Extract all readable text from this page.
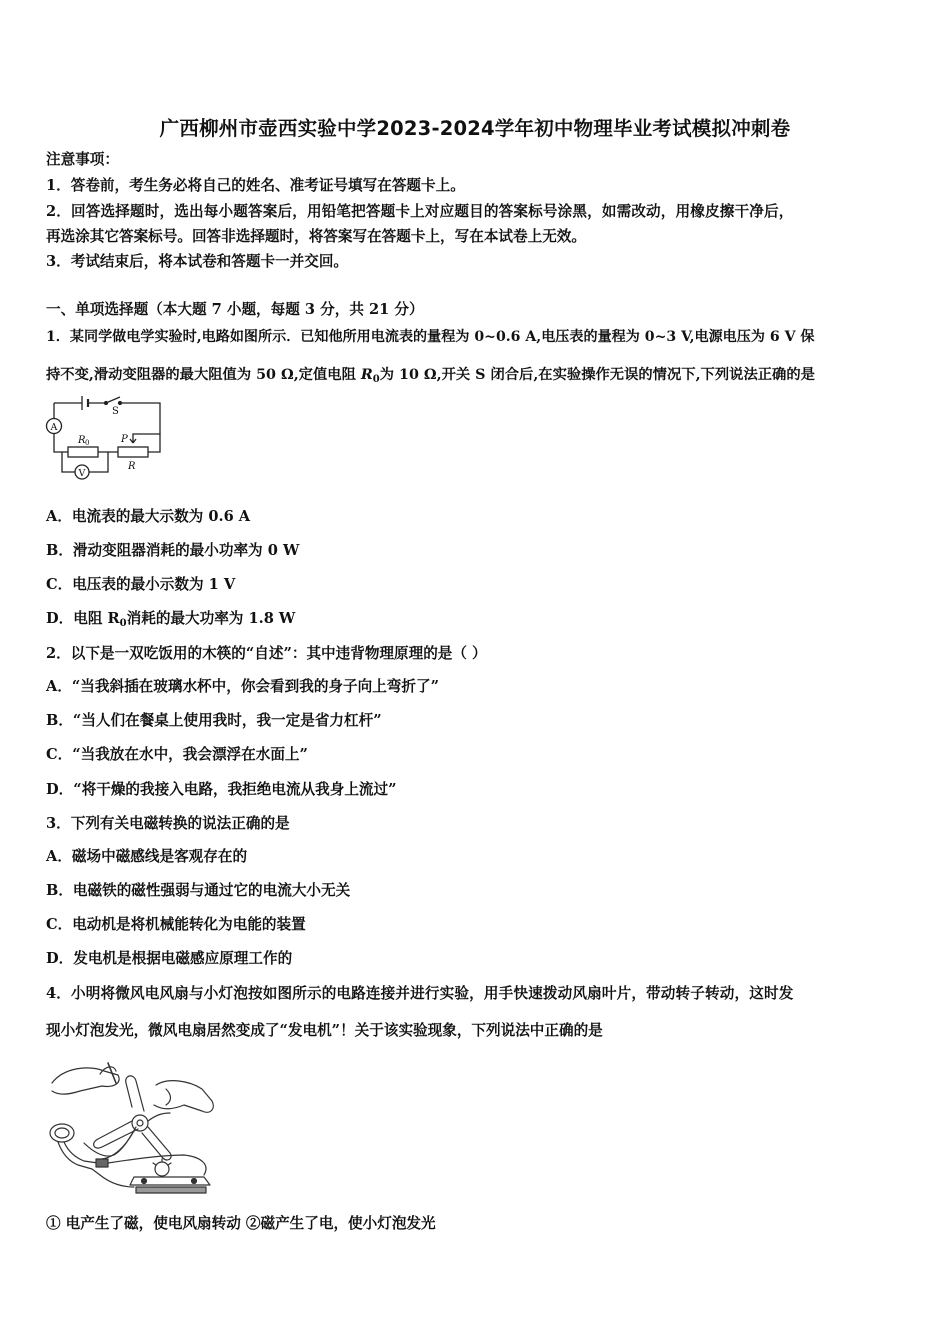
广西柳州市壶西实验中学2023-2024学年初中物理毕业考试模拟冲刺卷
注意事项：
1．答卷前，考生务必将自己的姓名、准考证号填写在答题卡上。
2．回答选择题时，选出每小题答案后，用铅笔把答题卡上对应题目的答案标号涂黑，如需改动，用橡皮擦干净后，
再选涂其它答案标号。回答非选择题时，将答案写在答题卡上，写在本试卷上无效。
3．考试结束后，将本试卷和答题卡一并交回。
一、单项选择题（本大题 7 小题，每题 3 分，共 21 分）
1．某同学做电学实验时,电路如图所示．已知他所用电流表的量程为 0~0.6 A,电压表的量程为 0~3 V,电源电压为 6 V 保
持不变,滑动变阻器的最大阻值为 50 Ω,定值电阻 $R_0$为 10 Ω,开关 S 闭合后,在实验操作无误的情况下,下列说法正确的是
S
A
R 0	P
R
V
A．电流表的最大示数为 0.6 A
B．滑动变阻器消耗的最小功率为 0 W
C．电压表的最小示数为 1 V
D．电阻 $R_0$消耗的最大功率为 1.8 W
2．以下是一双吃饭用的木筷的“自述”：其中违背物理原理的是（ ）
A．“当我斜插在玻璃水杯中，你会看到我的身子向上弯折了”
B．“当人们在餐桌上使用我时，我一定是省力杠杆”
C．“当我放在水中，我会漂浮在水面上”
D．“将干燥的我接入电路，我拒绝电流从我身上流过”
3．下列有关电磁转换的说法正确的是
A．磁场中磁感线是客观存在的
B．电磁铁的磁性强弱与通过它的电流大小无关
C．电动机是将机械能转化为电能的装置
D．发电机是根据电磁感应原理工作的
4．小明将微风电风扇与小灯泡按如图所示的电路连接并进行实验，用手快速拨动风扇叶片，带动转子转动，这时发
现小灯泡发光，微风电扇居然变成了“发电机”！关于该实验现象，下列说法中正确的是
① 电产生了磁，使电风扇转动 ②磁产生了电，使小灯泡发光
